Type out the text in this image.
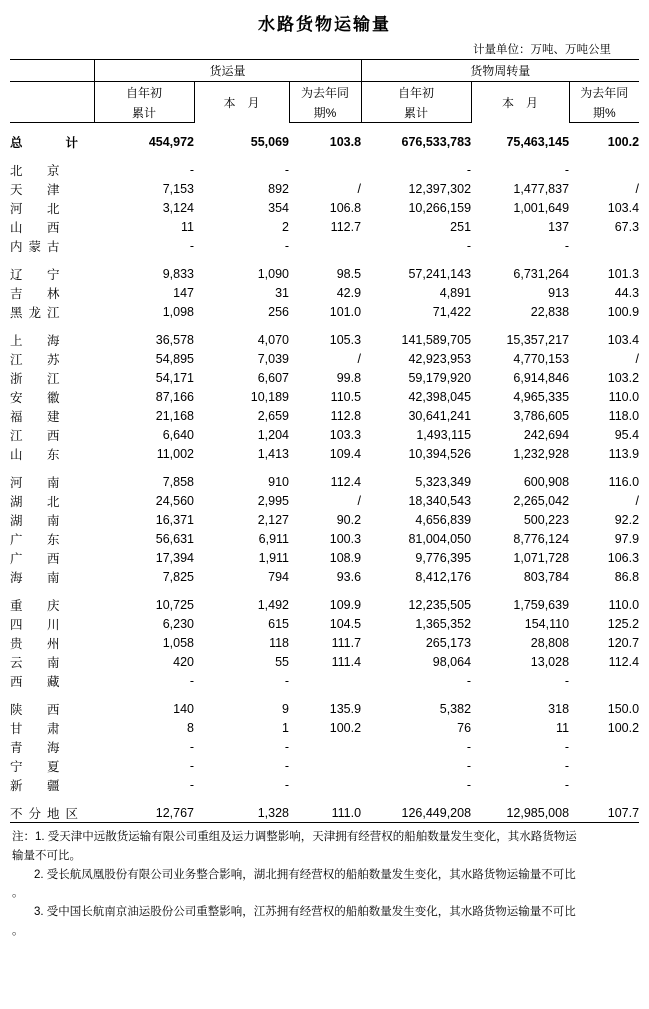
水路货物运输量
计量单位：万吨、万吨公里
	货运量			货物周转量		
	自年初	本　月	为去年同	自年初	本　月	为去年同
	累计		期%	累计		期%

总　　计	454,972	55,069	103.8	676,533,783	75,463,145	100.2

北　京	-	-		-	-	
天　津	7,153	892	/	12,397,302	1,477,837	/
河　北	3,124	354	106.8	10,266,159	1,001,649	103.4
山　西	11	2	112.7	251	137	67.3
内蒙古	-	-		-	-	

辽　宁	9,833	1,090	98.5	57,241,143	6,731,264	101.3
吉　林	147	31	42.9	4,891	913	44.3
黑龙江	1,098	256	101.0	71,422	22,838	100.9

上　海	36,578	4,070	105.3	141,589,705	15,357,217	103.4
江　苏	54,895	7,039	/	42,923,953	4,770,153	/
浙　江	54,171	6,607	99.8	59,179,920	6,914,846	103.2
安　徽	87,166	10,189	110.5	42,398,045	4,965,335	110.0
福　建	21,168	2,659	112.8	30,641,241	3,786,605	118.0
江　西	6,640	1,204	103.3	1,493,115	242,694	95.4
山　东	11,002	1,413	109.4	10,394,526	1,232,928	113.9

河　南	7,858	910	112.4	5,323,349	600,908	116.0
湖　北	24,560	2,995	/	18,340,543	2,265,042	/
湖　南	16,371	2,127	90.2	4,656,839	500,223	92.2
广　东	56,631	6,911	100.3	81,004,050	8,776,124	97.9
广　西	17,394	1,911	108.9	9,776,395	1,071,728	106.3
海　南	7,825	794	93.6	8,412,176	803,784	86.8

重　庆	10,725	1,492	109.9	12,235,505	1,759,639	110.0
四　川	6,230	615	104.5	1,365,352	154,110	125.2
贵　州	1,058	118	111.7	265,173	28,808	120.7
云　南	420	55	111.4	98,064	13,028	112.4
西　藏	-	-		-	-	

陕　西	140	9	135.9	5,382	318	150.0
甘　肃	8	1	100.2	76	11	100.2
青　海	-	-		-	-	
宁　夏	-	-		-	-	
新　疆	-	-		-	-	

不分地区	12,767	1,328	111.0	126,449,208	12,985,008	107.7

注：1. 受天津中远散货运输有限公司重组及运力调整影响，天津拥有经营权的船舶数量发生变化，其水路货物运

输量不可比。

2. 受长航凤凰股份有限公司业务整合影响，湖北拥有经营权的船舶数量发生变化，其水路货物运输量不可比

。

3. 受中国长航南京油运股份公司重整影响，江苏拥有经营权的船舶数量发生变化，其水路货物运输量不可比

。
